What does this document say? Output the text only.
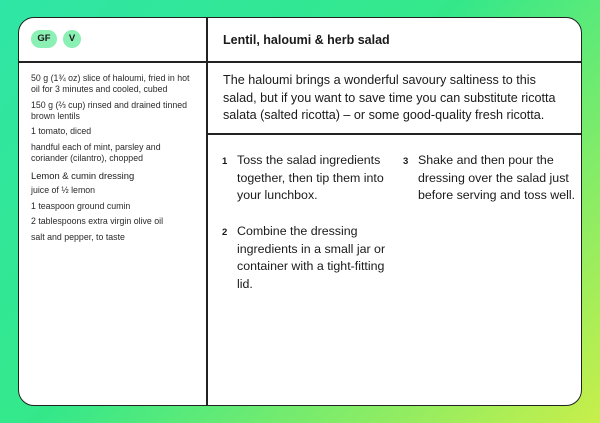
GF	V	Lentil, haloumi & herb salad

50 g (1¾ oz) slice of haloumi, fried in hot oil for 3 minutes and cooled, cubed

150 g (⅔ cup) rinsed and drained tinned brown lentils

1 tomato, diced

handful each of mint, parsley and coriander (cilantro), chopped

Lemon & cumin dressing

juice of ½ lemon

1 teaspoon ground cumin

2 tablespoons extra virgin olive oil

salt and pepper, to taste

The haloumi brings a wonderful savoury saltiness to this salad, but if you want to save time you can substitute ricotta salata (salted ricotta) – or some good-quality fresh ricotta.
1 Toss the salad ingredients together, then tip them into your lunchbox.
2 Combine the dressing ingredients in a small jar or container with a tight-fitting lid.
3 Shake and then pour the dressing over the salad just before serving and toss well.
